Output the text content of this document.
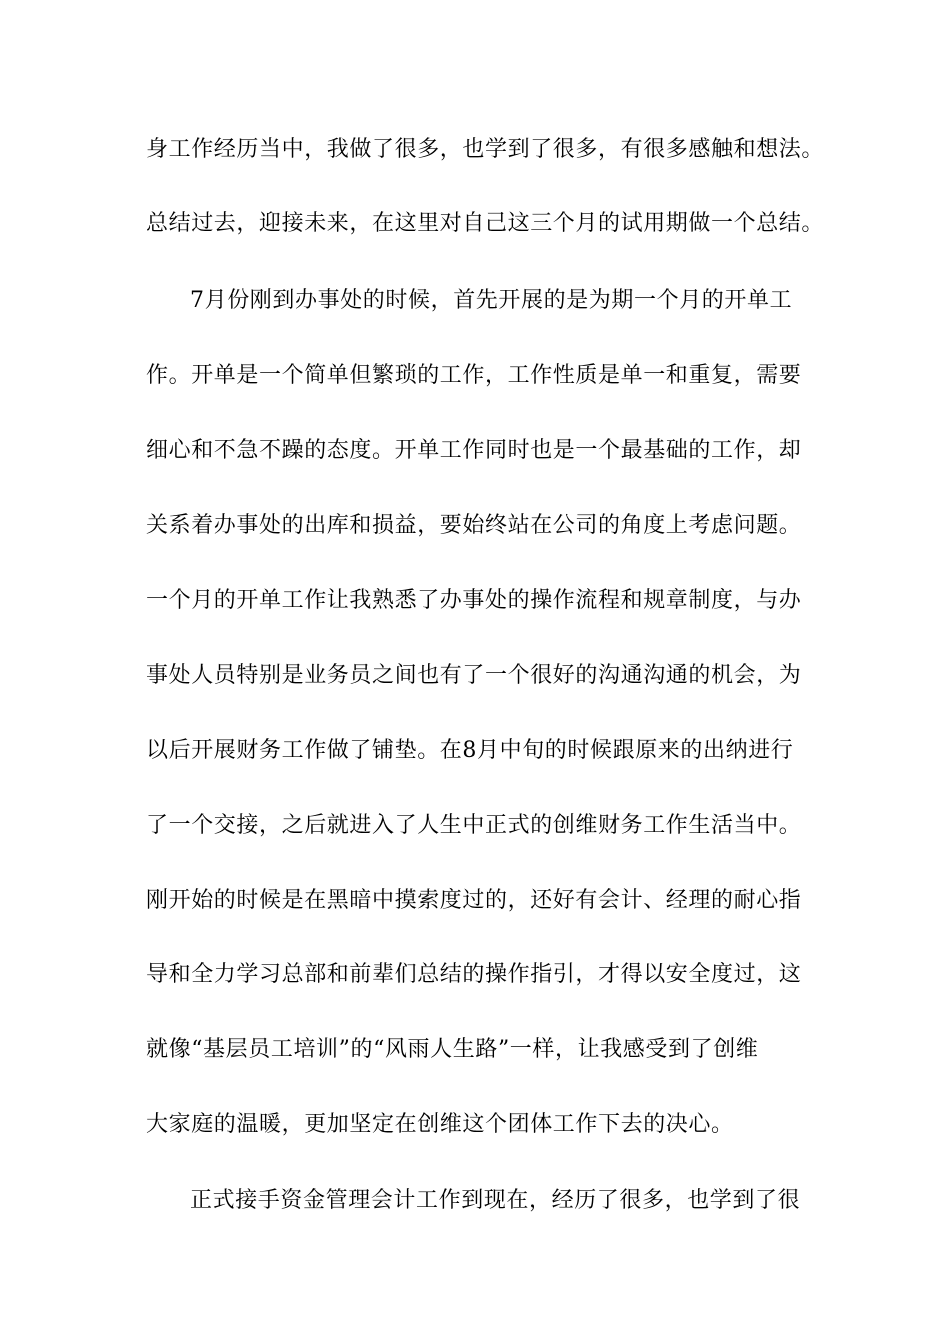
身工作经历当中，我做了很多，也学到了很多，有很多感触和想法。
总结过去，迎接未来，在这里对自己这三个月的试用期做一个总结。
7月份刚到办事处的时候，首先开展的是为期一个月的开单工
作。开单是一个简单但繁琐的工作，工作性质是单一和重复，需要
细心和不急不躁的态度。开单工作同时也是一个最基础的工作，却
关系着办事处的出库和损益，要始终站在公司的角度上考虑问题。
一个月的开单工作让我熟悉了办事处的操作流程和规章制度，与办
事处人员特别是业务员之间也有了一个很好的沟通沟通的机会，为
以后开展财务工作做了铺垫。在8月中旬的时候跟原来的出纳进行
了一个交接，之后就进入了人生中正式的创维财务工作生活当中。
刚开始的时候是在黑暗中摸索度过的，还好有会计、经理的耐心指
导和全力学习总部和前辈们总结的操作指引，才得以安全度过，这
就像“基层员工培训”的“风雨人生路”一样，让我感受到了创维
大家庭的温暖，更加坚定在创维这个团体工作下去的决心。
正式接手资金管理会计工作到现在，经历了很多，也学到了很
